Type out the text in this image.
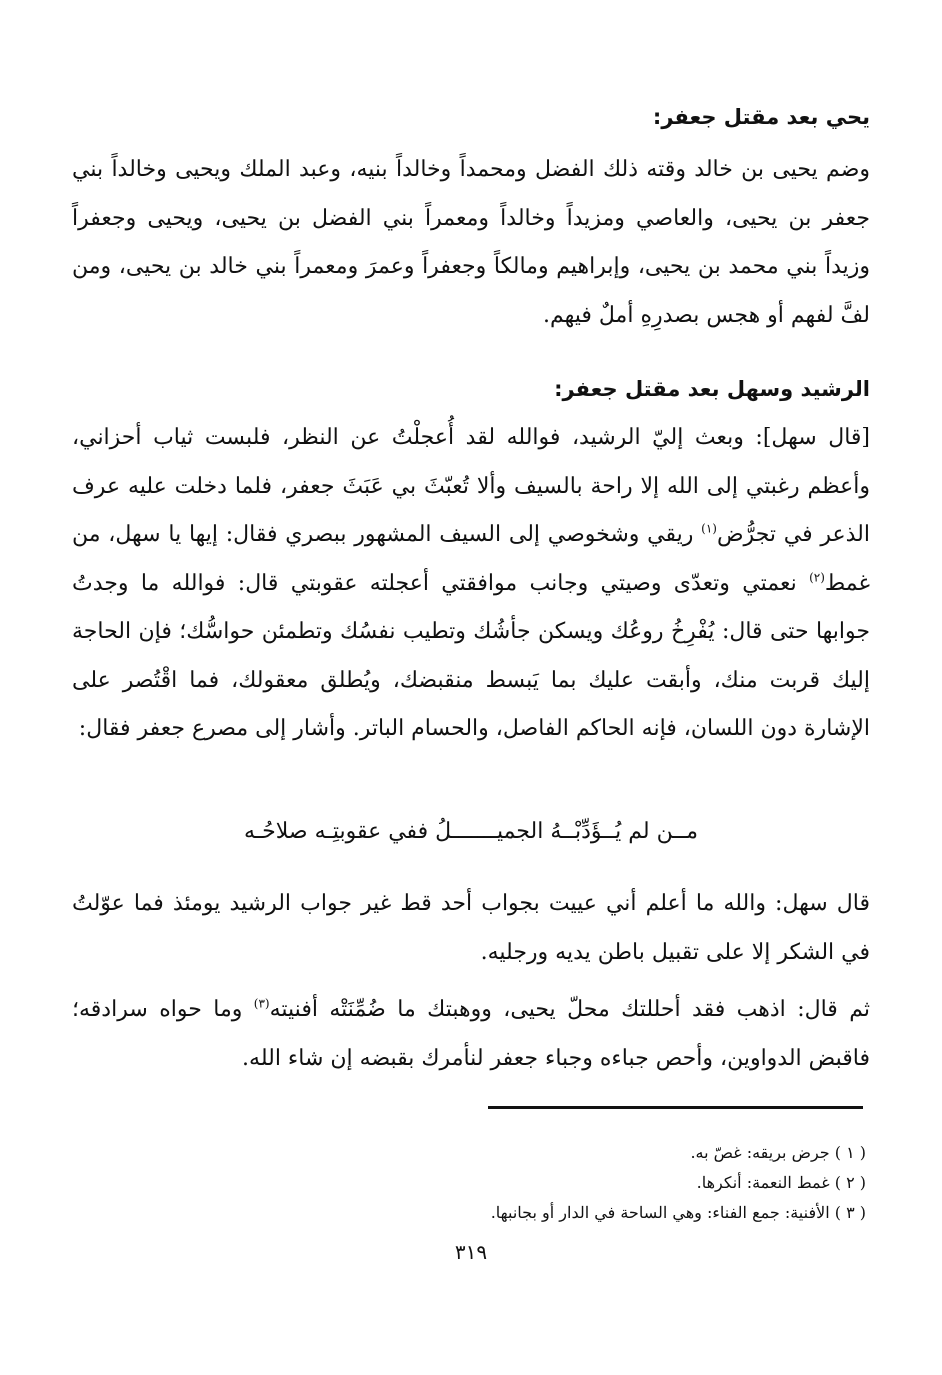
يحي بعد مقتل جعفر:

وضم يحيى بن خالد وقته ذلك الفضل ومحمداً وخالداً بنيه، وعبد الملك ويحيى وخالداً بني جعفر بن يحيى، والعاصي ومزيداً وخالداً ومعمراً بني الفضل بن يحيى، ويحيى وجعفراً وزيداً بني محمد بن يحيى، وإبراهيم ومالكاً وجعفراً وعمرَ ومعمراً بني خالد بن يحيى، ومن لفَّ لفهم أو هجس بصدرِهِ أملٌ فيهم.

الرشيد وسهل بعد مقتل جعفر:

[قال سهل]: وبعث إليّ الرشيد، فوالله لقد أُعجلْتُ عن النظر، فلبست ثياب أحزاني، وأعظم رغبتي إلى الله إلا راحة بالسيف وألا تُعبّثَ بي عَبَثَ جعفر، فلما دخلت عليه عرف الذعر في تجرُّض$^{(١)}$ ريقي وشخوصي إلى السيف المشهور ببصري فقال: إيها يا سهل، من غمط$^{(٢)}$ نعمتي وتعدّى وصيتي وجانب موافقتي أعجلته عقوبتي قال: فوالله ما وجدتُ جوابها حتى قال: يُفْرِخُ روعُك ويسكن جأشُك وتطيب نفسُك وتطمئن حواسُّك؛ فإن الحاجة إليك قربت منك، وأبقت عليك بما يَبسط منقبضك، ويُطلق معقولك، فما اقْتُصر على الإشارة دون اللسان، فإنه الحاكم الفاصل، والحسام الباتر. وأشار إلى مصرع جعفر فقال:

مــن لم يُــؤَدِّبْــهُ الجميـــــــلُ ففي عقوبتِـه صلاحُـه

قال سهل: والله ما أعلم أني عييت بجواب أحد قط غير جواب الرشيد يومئذ فما عوّلتُ في الشكر إلا على تقبيل باطن يديه ورجليه.

ثم قال: اذهب فقد أحللتك محلّ يحيى، ووهبتك ما ضُمِّنَتْه أفنيته$^{(٣)}$ وما حواه سرادقه؛ فاقبض الدواوين، وأحص جباءه وجباء جعفر لنأمرك بقبضه إن شاء الله.

( ١ ) جرض بريقه: غصّ به.
( ٢ ) غمط النعمة: أنكرها.
( ٣ ) الأفنية: جمع الفناء: وهي الساحة في الدار أو بجانبها.
٣١٩
